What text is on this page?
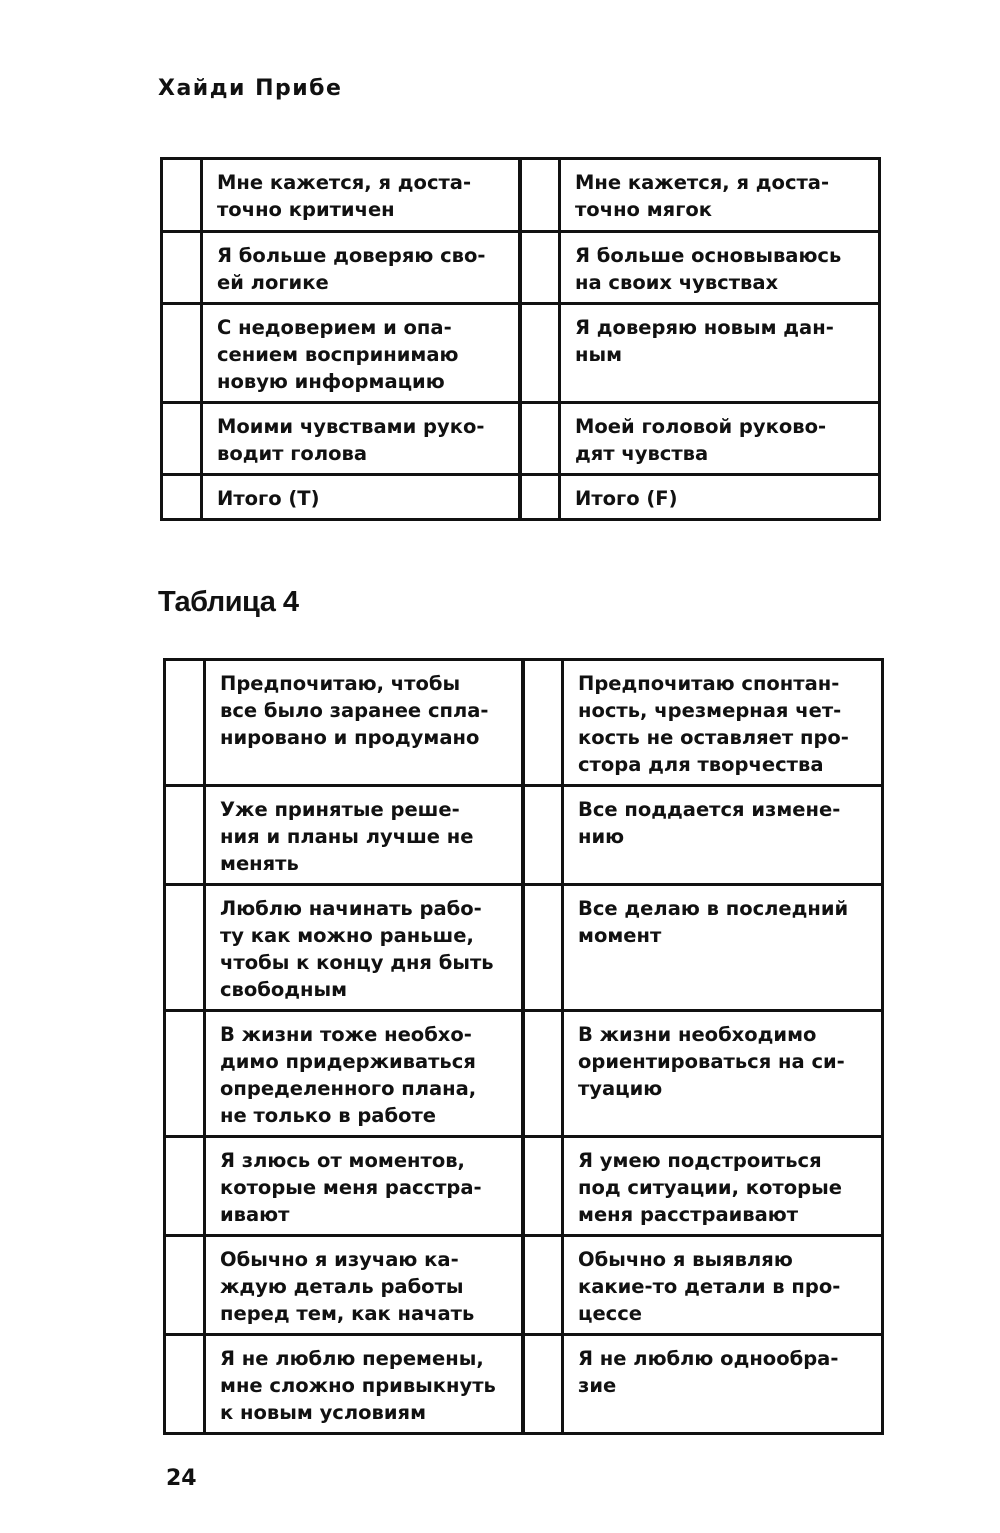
Хайди Прибе
	Мне кажется, я доста-
точно критичен		Мне кажется, я доста-
точно мягок
	Я больше доверяю сво-
ей логике		Я больше основываюсь
на своих чувствах
	С недоверием и опа-
сением воспринимаю
новую информацию		Я доверяю новым дан-
ным
	Моими чувствами руко-
водит голова		Моей головой руково-
дят чувства
	Итого (T)		Итого (F)
Таблица 4
	Предпочитаю, чтобы
все было заранее спла-
нировано и продумано		Предпочитаю спонтан-
ность, чрезмерная чет-
кость не оставляет про-
стора для творчества
	Уже принятые реше-
ния и планы лучше не
менять		Все поддается измене-
нию
	Люблю начинать рабо-
ту как можно раньше,
чтобы к концу дня быть
свободным		Все делаю в последний
момент
	В жизни тоже необхо-
димо придерживаться
определенного плана,
не только в работе		В жизни необходимо
ориентироваться на си-
туацию
	Я злюсь от моментов,
которые меня расстра-
ивают		Я умею подстроиться
под ситуации, которые
меня расстраивают
	Обычно я изучаю ка-
ждую деталь работы
перед тем, как начать		Обычно я выявляю
какие-то детали в про-
цессе
	Я не люблю перемены,
мне сложно привыкнуть
к новым условиям		Я не люблю однообра-
зие
24
